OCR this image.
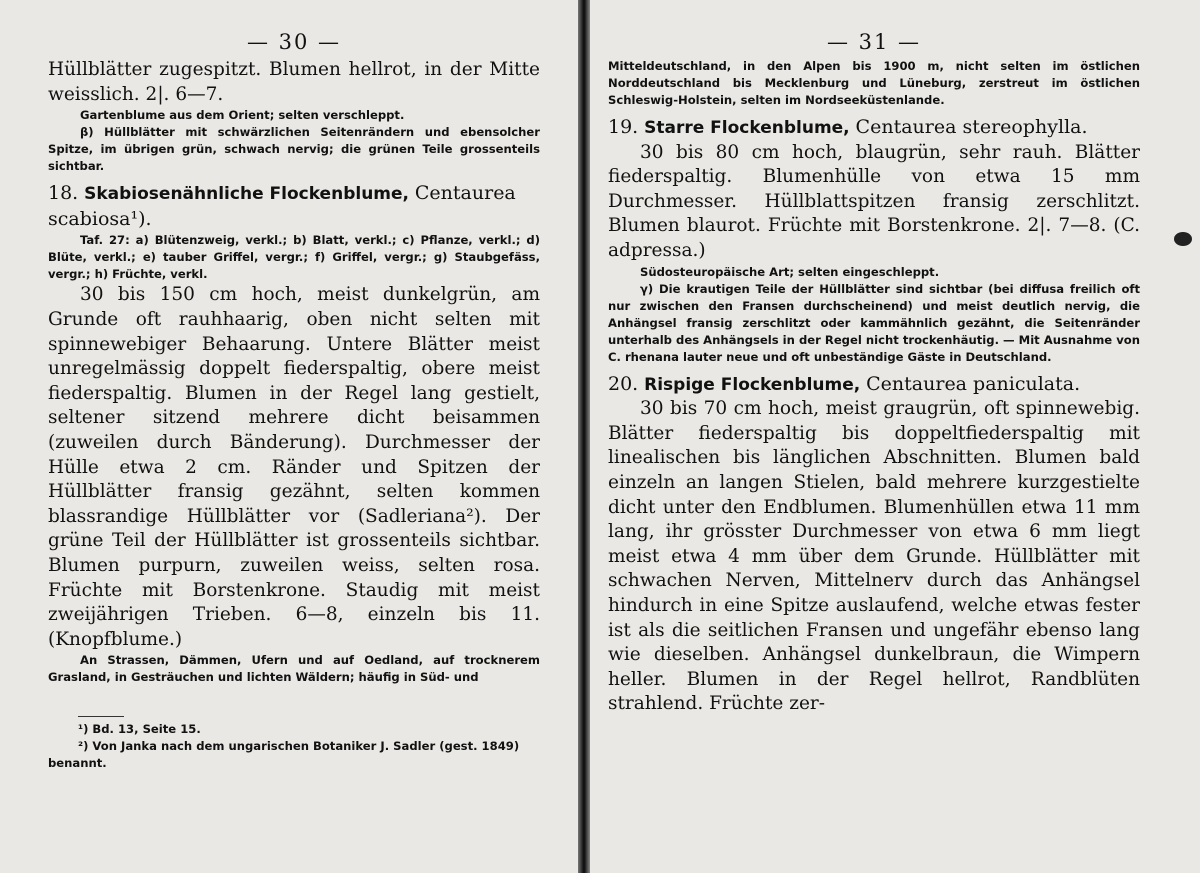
— 30 —

Hüllblätter zugespitzt. Blumen hellrot, in der Mitte weisslich. 2|. 6—7.

Gartenblume aus dem Orient; selten verschleppt.

β) Hüllblätter mit schwärzlichen Seitenrändern und ebensolcher Spitze, im übrigen grün, schwach nervig; die grünen Teile grossenteils sichtbar.

18. Skabiosenähnliche Flockenblume, Centaurea scabiosa¹).

Taf. 27: a) Blütenzweig, verkl.; b) Blatt, verkl.; c) Pflanze, verkl.; d) Blüte, verkl.; e) tauber Griffel, vergr.; f) Griffel, vergr.; g) Staubgefäss, vergr.; h) Früchte, verkl.

30 bis 150 cm hoch, meist dunkelgrün, am Grunde oft rauhhaarig, oben nicht selten mit spinnewebiger Behaarung. Untere Blätter meist unregelmässig doppelt fiederspaltig, obere meist fiederspaltig. Blumen in der Regel lang gestielt, seltener sitzend mehrere dicht beisammen (zuweilen durch Bänderung). Durchmesser der Hülle etwa 2 cm. Ränder und Spitzen der Hüllblätter fransig gezähnt, selten kommen blassrandige Hüllblätter vor (Sadleriana²). Der grüne Teil der Hüllblätter ist grossenteils sichtbar. Blumen purpurn, zuweilen weiss, selten rosa. Früchte mit Borstenkrone. Staudig mit meist zweijährigen Trieben. 6—8, einzeln bis 11. (Knopfblume.)

An Strassen, Dämmen, Ufern und auf Oedland, auf trocknerem Grasland, in Gesträuchen und lichten Wäldern; häufig in Süd- und

¹) Bd. 13, Seite 15.

²) Von Janka nach dem ungarischen Botaniker J. Sadler (gest. 1849) benannt.

— 31 —

Mitteldeutschland, in den Alpen bis 1900 m, nicht selten im östlichen Norddeutschland bis Mecklenburg und Lüneburg, zerstreut im östlichen Schleswig-Holstein, selten im Nordseeküstenlande.

19. Starre Flockenblume, Centaurea stereophylla.

30 bis 80 cm hoch, blaugrün, sehr rauh. Blätter fiederspaltig. Blumenhülle von etwa 15 mm Durchmesser. Hüllblattspitzen fransig zerschlitzt. Blumen blaurot. Früchte mit Borstenkrone. 2|. 7—8. (C. adpressa.)

Südosteuropäische Art; selten eingeschleppt.

γ) Die krautigen Teile der Hüllblätter sind sichtbar (bei diffusa freilich oft nur zwischen den Fransen durchscheinend) und meist deutlich nervig, die Anhängsel fransig zerschlitzt oder kammähnlich gezähnt, die Seitenränder unterhalb des Anhängsels in der Regel nicht trockenhäutig. — Mit Ausnahme von C. rhenana lauter neue und oft unbeständige Gäste in Deutschland.

20. Rispige Flockenblume, Centaurea paniculata.

30 bis 70 cm hoch, meist graugrün, oft spinnewebig. Blätter fiederspaltig bis doppeltfiederspaltig mit linealischen bis länglichen Abschnitten. Blumen bald einzeln an langen Stielen, bald mehrere kurzgestielte dicht unter den Endblumen. Blumenhüllen etwa 11 mm lang, ihr grösster Durchmesser von etwa 6 mm liegt meist etwa 4 mm über dem Grunde. Hüllblätter mit schwachen Nerven, Mittelnerv durch das Anhängsel hindurch in eine Spitze auslaufend, welche etwas fester ist als die seitlichen Fransen und ungefähr ebenso lang wie dieselben. Anhängsel dunkelbraun, die Wimpern heller. Blumen in der Regel hellrot, Randblüten strahlend. Früchte zer-
